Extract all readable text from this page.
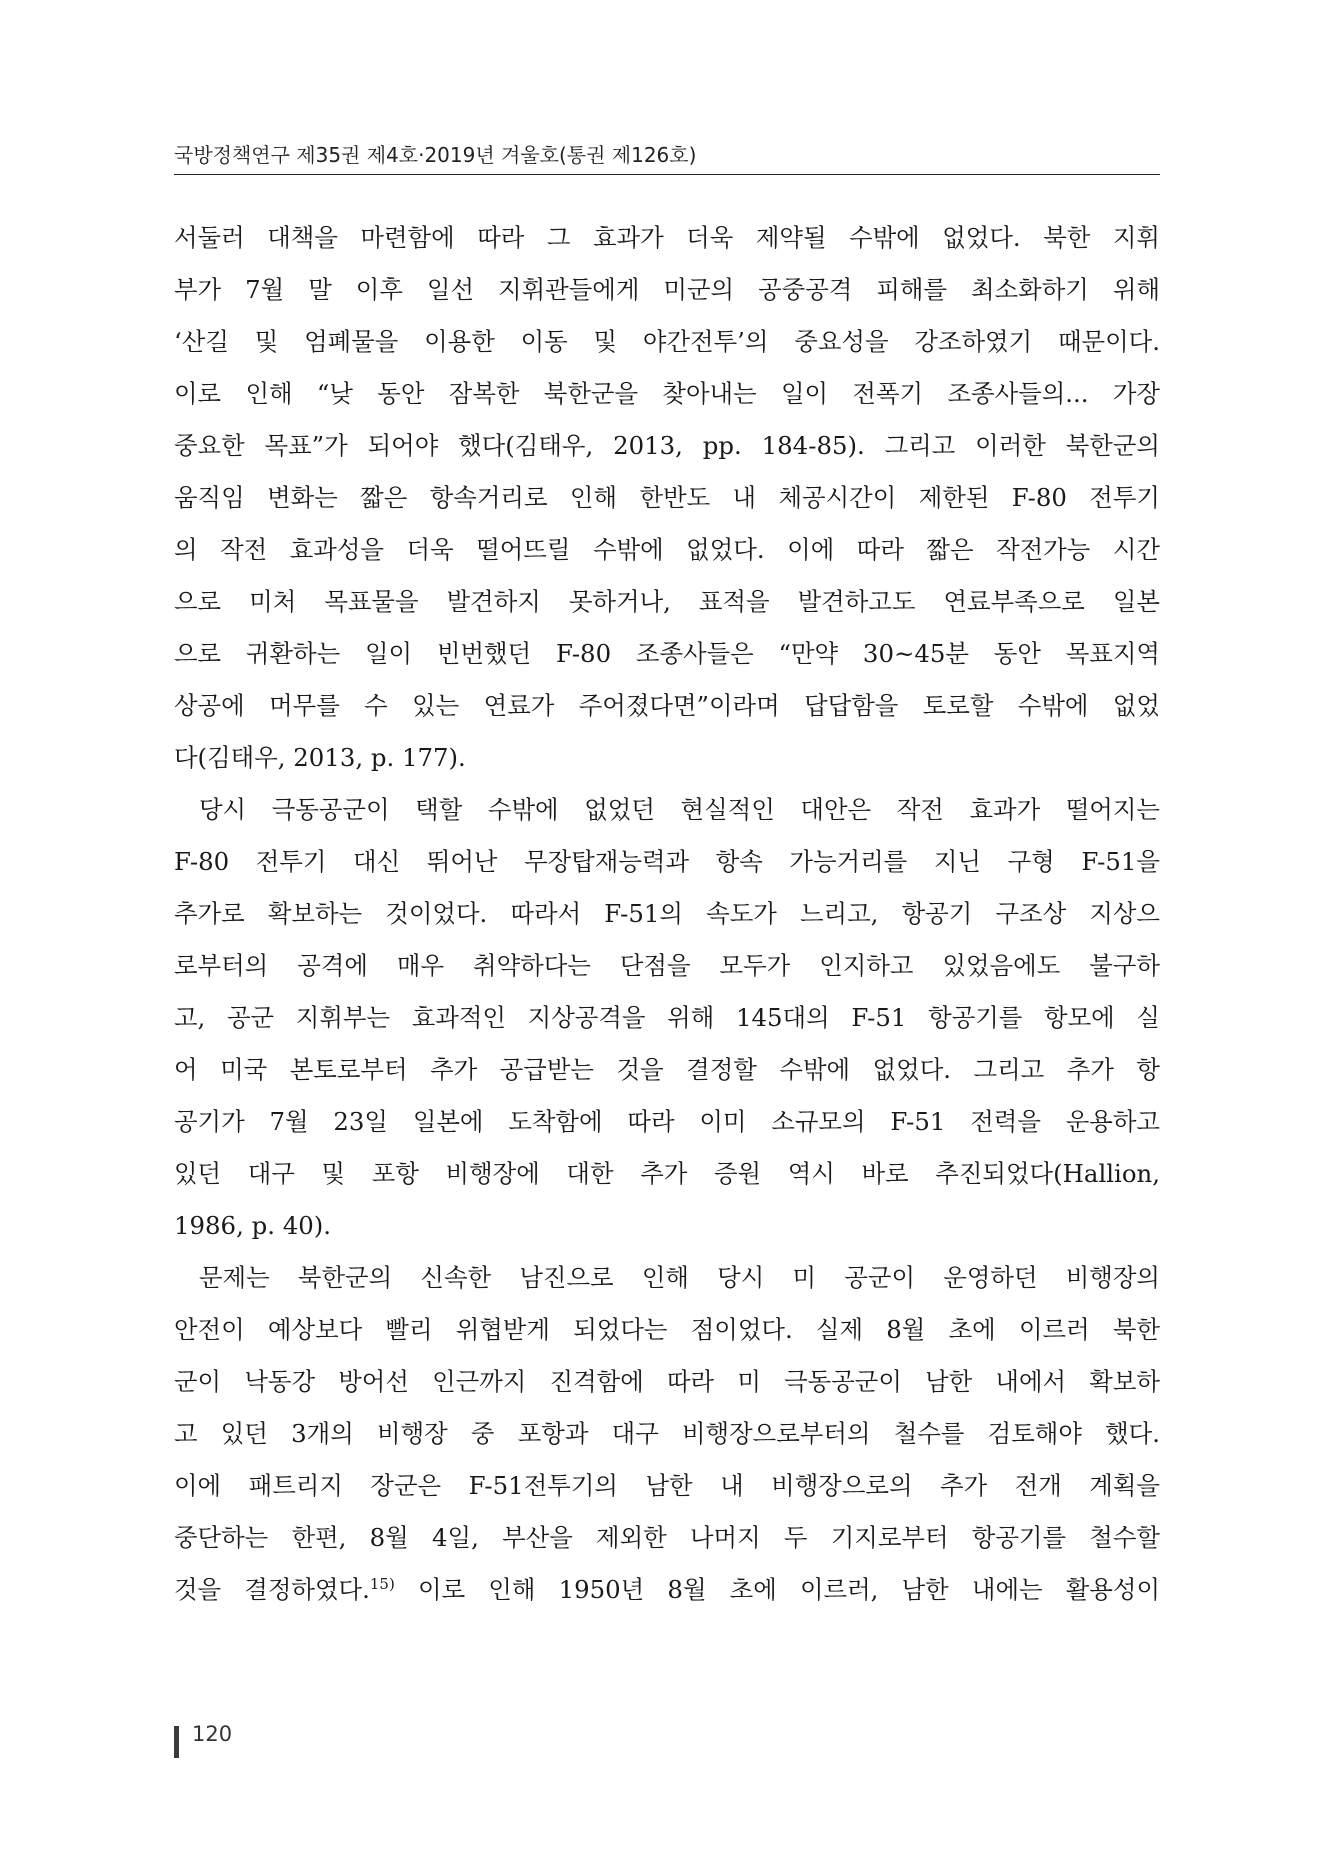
국방정책연구 제35권 제4호·2019년 겨울호(통권 제126호)
서둘러 대책을 마련함에 따라 그 효과가 더욱 제약될 수밖에 없었다. 북한 지휘
부가 7월 말 이후 일선 지휘관들에게 미군의 공중공격 피해를 최소화하기 위해
‘산길 및 엄폐물을 이용한 이동 및 야간전투’의 중요성을 강조하였기 때문이다.
이로 인해 “낮 동안 잠복한 북한군을 찾아내는 일이 전폭기 조종사들의... 가장
중요한 목표”가 되어야 했다(김태우, 2013, pp. 184-85). 그리고 이러한 북한군의
움직임 변화는 짧은 항속거리로 인해 한반도 내 체공시간이 제한된 F-80 전투기
의 작전 효과성을 더욱 떨어뜨릴 수밖에 없었다. 이에 따라 짧은 작전가능 시간
으로 미처 목표물을 발견하지 못하거나, 표적을 발견하고도 연료부족으로 일본
으로 귀환하는 일이 빈번했던 F-80 조종사들은 “만약 30~45분 동안 목표지역
상공에 머무를 수 있는 연료가 주어졌다면”이라며 답답함을 토로할 수밖에 없었
다(김태우, 2013, p. 177).
당시 극동공군이 택할 수밖에 없었던 현실적인 대안은 작전 효과가 떨어지는
F-80 전투기 대신 뛰어난 무장탑재능력과 항속 가능거리를 지닌 구형 F-51을
추가로 확보하는 것이었다. 따라서 F-51의 속도가 느리고, 항공기 구조상 지상으
로부터의 공격에 매우 취약하다는 단점을 모두가 인지하고 있었음에도 불구하
고, 공군 지휘부는 효과적인 지상공격을 위해 145대의 F-51 항공기를 항모에 실
어 미국 본토로부터 추가 공급받는 것을 결정할 수밖에 없었다. 그리고 추가 항
공기가 7월 23일 일본에 도착함에 따라 이미 소규모의 F-51 전력을 운용하고
있던 대구 및 포항 비행장에 대한 추가 증원 역시 바로 추진되었다(Hallion,
1986, p. 40).
문제는 북한군의 신속한 남진으로 인해 당시 미 공군이 운영하던 비행장의
안전이 예상보다 빨리 위협받게 되었다는 점이었다. 실제 8월 초에 이르러 북한
군이 낙동강 방어선 인근까지 진격함에 따라 미 극동공군이 남한 내에서 확보하
고 있던 3개의 비행장 중 포항과 대구 비행장으로부터의 철수를 검토해야 했다.
이에 패트리지 장군은 F-51전투기의 남한 내 비행장으로의 추가 전개 계획을
중단하는 한편, 8월 4일, 부산을 제외한 나머지 두 기지로부터 항공기를 철수할
것을 결정하였다.$^{15)}$ 이로 인해 1950년 8월 초에 이르러, 남한 내에는 활용성이
120
